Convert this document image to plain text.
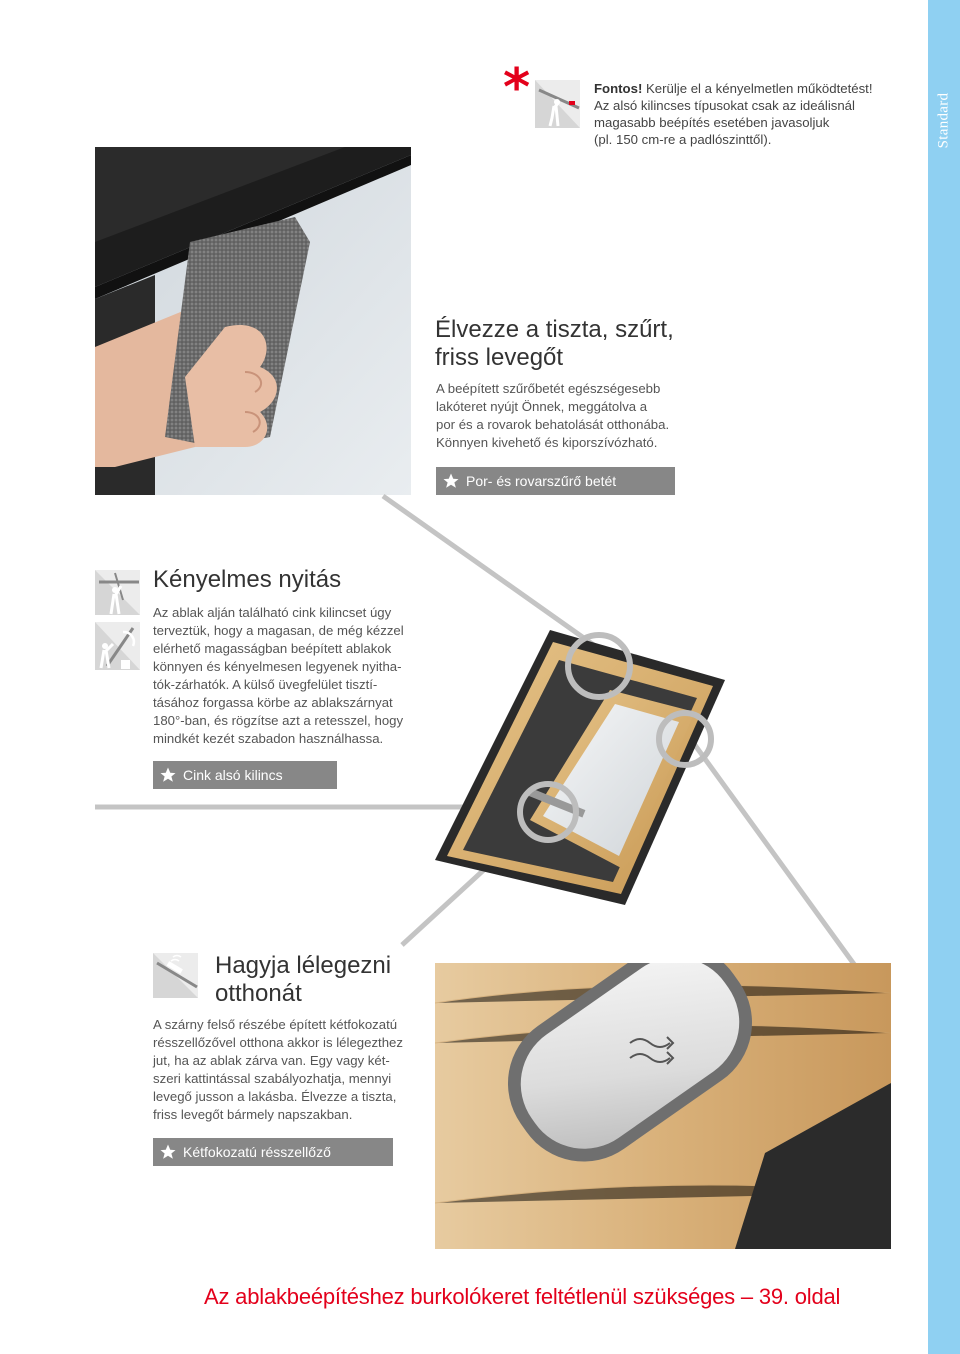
Standard
*	Fontos! Kerülje el a kényelmetlen működtetést!
Az alsó kilincses típusokat csak az ideálisnál
magasabb beépítés esetében javasoljuk
(pl. 150 cm-re a padlószinttől).
Élvezze a tiszta, szűrt,
friss levegőt
A beépített szűrőbetét egészségesebb
lakóteret nyújt Önnek, meggátolva a
por és a rovarok behatolását otthonába.
Könnyen kivehető és kiporszívózható.
Por- és rovarszűrő betét
Kényelmes nyitás
Az ablak alján található cink kilincset úgy
terveztük, hogy a magasan, de még kézzel
elérhető magasságban beépített ablakok
könnyen és kényelmesen legyenek nyitha-
tók-zárhatók. A külső üvegfelület tisztí-
tásához forgassa körbe az ablakszárnyat
180°-ban, és rögzítse azt a retesszel, hogy
mindkét kezét szabadon használhassa.
Cink alsó kilincs
Hagyja lélegezni
otthonát
A szárny felső részébe épített kétfokozatú
résszellőzővel otthona akkor is lélegezthez
jut, ha az ablak zárva van. Egy vagy két-
szeri kattintással szabályozhatja, mennyi
levegő jusson a lakásba. Élvezze a tiszta,
friss levegőt bármely napszakban.
Kétfokozatú résszellőző
Az ablakbeépítéshez burkolókeret feltétlenül szükséges – 39. oldal
